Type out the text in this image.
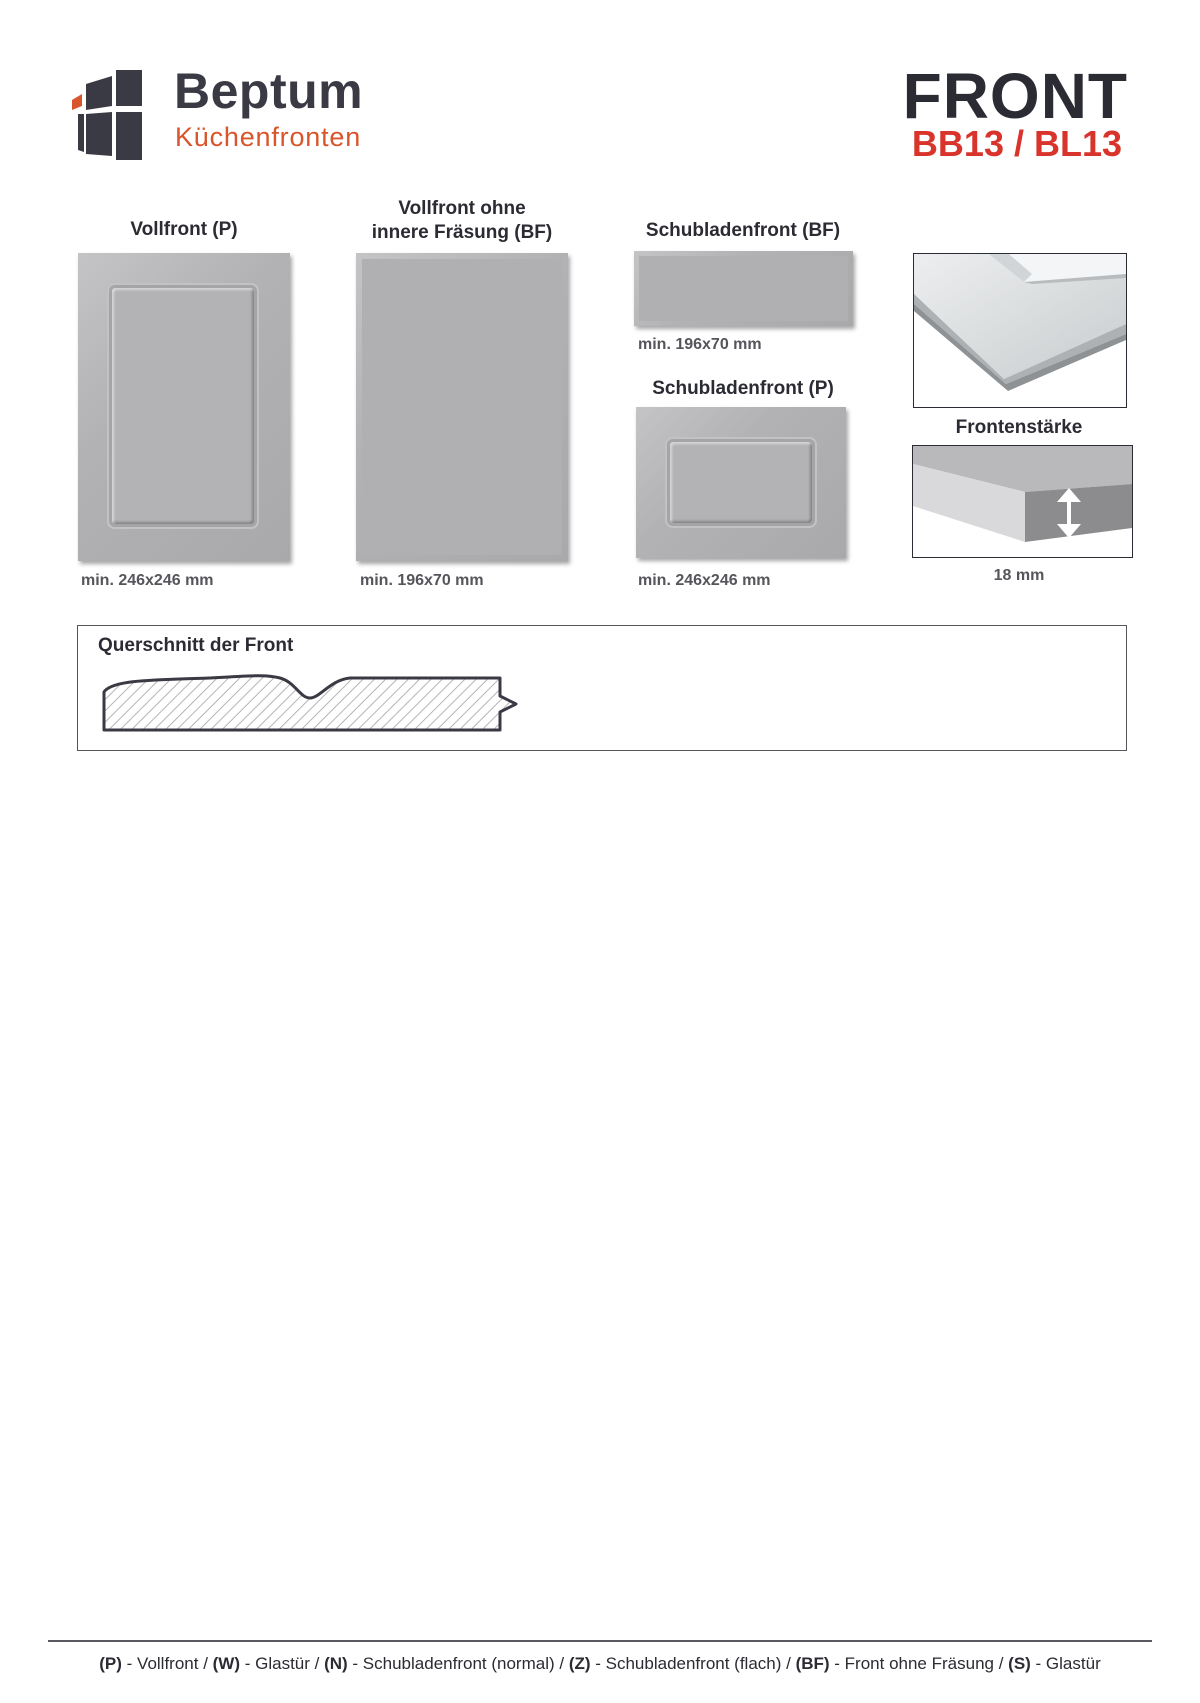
Beptum
Küchenfronten
FRONT
BB13 / BL13
Vollfront (P)
min. 246x246 mm
Vollfront ohne
innere Fräsung (BF)
min. 196x70 mm
Schubladenfront (BF)
min. 196x70 mm
Schubladenfront (P)
min. 246x246 mm
Frontenstärke
18 mm
Querschnitt der Front
(P) - Vollfront / (W) - Glastür / (N) - Schubladenfront (normal) / (Z) - Schubladenfront (flach) / (BF) - Front ohne Fräsung / (S) - Glastür
